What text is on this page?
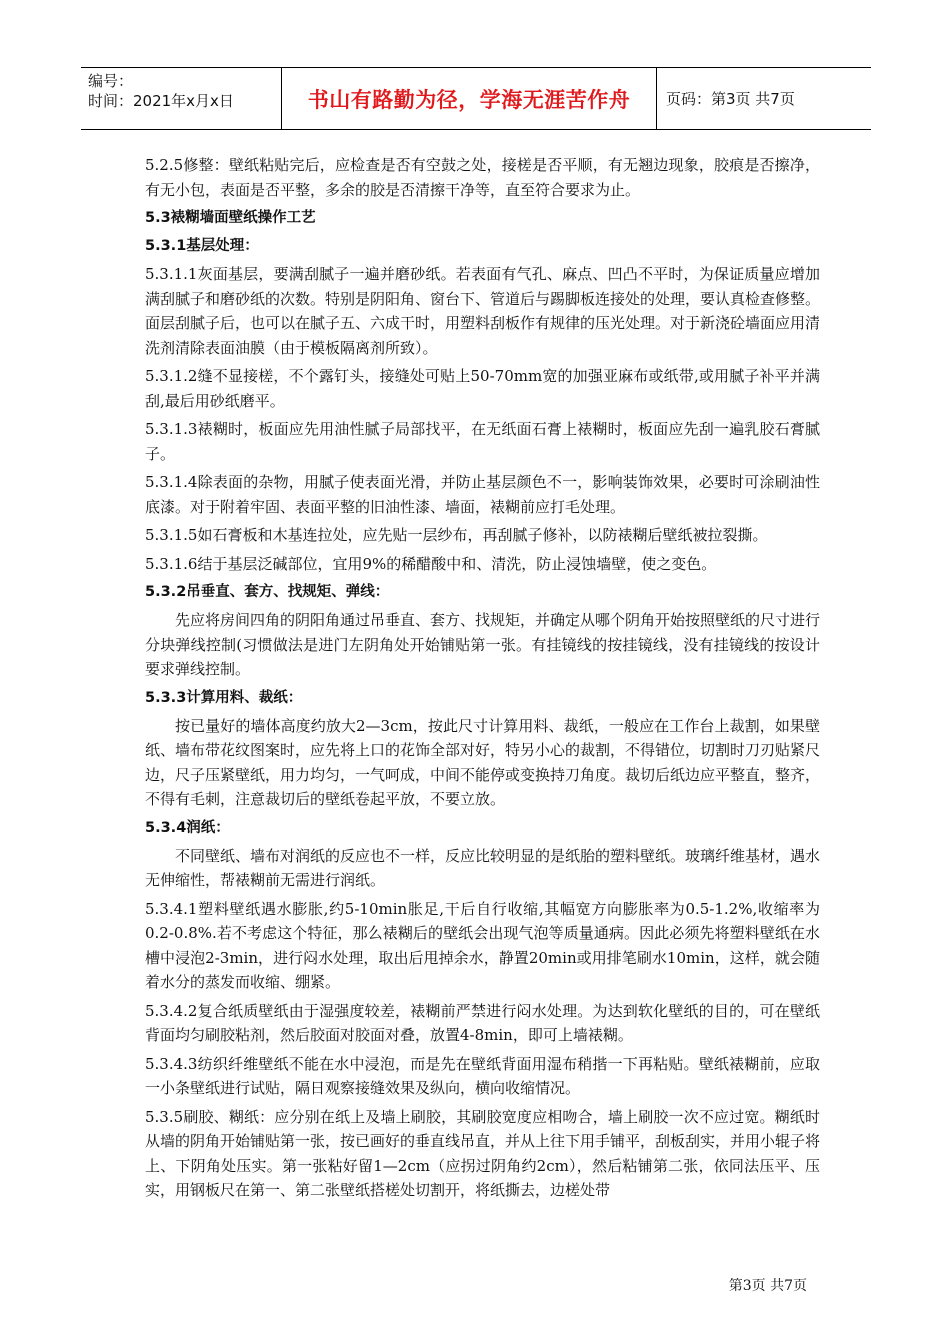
编号：
时间：2021年x月x日	书山有路勤为径，学海无涯苦作舟 页码：第3页 共7页

5.2.5修整：壁纸粘贴完后，应检查是否有空鼓之处，接槎是否平顺，有无翘边现象，胶痕是否擦净，有无小包，表面是否平整，多余的胶是否清擦干净等，直至符合要求为止。

5.3裱糊墙面壁纸操作工艺

5.3.1基层处理：

5.3.1.1灰面基层，要满刮腻子一遍并磨砂纸。若表面有气孔、麻点、凹凸不平时，为保证质量应增加满刮腻子和磨砂纸的次数。特别是阴阳角、窗台下、管道后与踢脚板连接处的处理，要认真检查修整。面层刮腻子后，也可以在腻子五、六成干时，用塑料刮板作有规律的压光处理。对于新浇砼墙面应用清洗剂清除表面油膜（由于模板隔离剂所致）。

5.3.1.2缝不显接槎，不个露钉头，接缝处可贴上50-70mm宽的加强亚麻布或纸带,或用腻子补平并满刮,最后用砂纸磨平。

5.3.1.3裱糊时，板面应先用油性腻子局部找平，在无纸面石膏上裱糊时，板面应先刮一遍乳胶石膏腻子。

5.3.1.4除表面的杂物，用腻子使表面光滑，并防止基层颜色不一，影响装饰效果，必要时可涂刷油性底漆。对于附着牢固、表面平整的旧油性漆、墙面，裱糊前应打毛处理。

5.3.1.5如石膏板和木基连拉处，应先贴一层纱布，再刮腻子修补，以防裱糊后壁纸被拉裂撕。

5.3.1.6结于基层泛碱部位，宜用9%的稀醋酸中和、清洗，防止浸蚀墙壁，使之变色。

5.3.2吊垂直、套方、找规矩、弹线：

先应将房间四角的阴阳角通过吊垂直、套方、找规矩，并确定从哪个阴角开始按照壁纸的尺寸进行分块弹线控制(习惯做法是进门左阴角处开始铺贴第一张。有挂镜线的按挂镜线，没有挂镜线的按设计要求弹线控制。

5.3.3计算用料、裁纸：

按已量好的墙体高度约放大2—3cm，按此尺寸计算用料、裁纸，一般应在工作台上裁割，如果壁纸、墙布带花纹图案时，应先将上口的花饰全部对好，特另小心的裁割，不得错位，切割时刀刃贴紧尺边，尺子压紧壁纸，用力均匀，一气呵成，中间不能停或变换持刀角度。裁切后纸边应平整直，整齐，不得有毛刺，注意裁切后的壁纸卷起平放，不要立放。

5.3.4润纸：

不同壁纸、墙布对润纸的反应也不一样，反应比较明显的是纸胎的塑料壁纸。玻璃纤维基材，遇水无伸缩性，帮裱糊前无需进行润纸。

5.3.4.1塑料壁纸遇水膨胀,约5-10min胀足,干后自行收缩,其幅宽方向膨胀率为0.5-1.2%,收缩率为0.2-0.8%.若不考虑这个特征，那么裱糊后的壁纸会出现气泡等质量通病。因此必须先将塑料壁纸在水槽中浸泡2-3min，进行闷水处理，取出后甩掉余水，静置20min或用排笔刷水10min，这样，就会随着水分的蒸发而收缩、绷紧。

5.3.4.2复合纸质壁纸由于湿强度较差，裱糊前严禁进行闷水处理。为达到软化壁纸的目的，可在壁纸背面均匀刷胶粘剂，然后胶面对胶面对叠，放置4-8min，即可上墙裱糊。

5.3.4.3纺织纤维壁纸不能在水中浸泡，而是先在壁纸背面用湿布稍揩一下再粘贴。壁纸裱糊前，应取一小条壁纸进行试贴，隔日观察接缝效果及纵向，横向收缩情况。

5.3.5刷胶、糊纸：应分别在纸上及墙上刷胶，其刷胶宽度应相吻合，墙上刷胶一次不应过宽。糊纸时从墙的阴角开始铺贴第一张，按已画好的垂直线吊直，并从上往下用手铺平，刮板刮实，并用小辊子将上、下阴角处压实。第一张粘好留1—2cm（应拐过阴角约2cm），然后粘铺第二张，依同法压平、压实，用钢板尺在第一、第二张壁纸搭槎处切割开，将纸撕去，边槎处带

第3页 共7页
